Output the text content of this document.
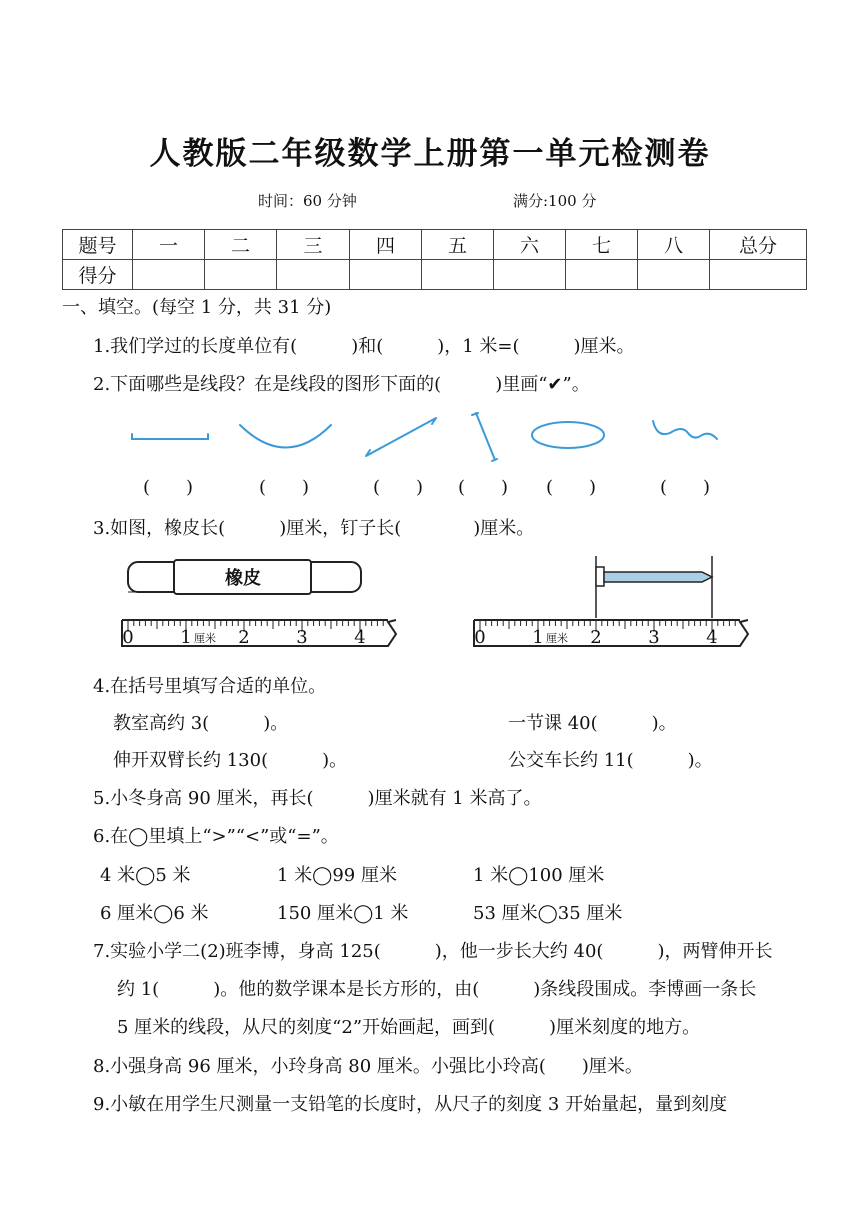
人教版二年级数学上册第一单元检测卷
时间：60 分钟	满分:100 分
题号	一	二	三	四	五	六	七	八	总分
得分									
一、填空。(每空 1 分，共 31 分)
1.我们学过的长度单位有(　　　)和(　　　)，1 米=(　　　)厘米。
2.下面哪些是线段？在是线段的图形下面的(　　　)里画“✔”。
(　　)	(　　)	(　　) (　　) (　　)	(　　)
3.如图，橡皮长(　　　)厘米，钉子长(　　　　)厘米。
橡皮
0	1 厘米 2	3	4	0	1 厘米 2	3	4
4.在括号里填写合适的单位。
教室高约 3(　　　)。	一节课 40(　　　)。
伸开双臂长约 130(　　　)。	公交车长约 11(　　　)。
5.小冬身高 90 厘米，再长(　　　)厘米就有 1 米高了。
6.在◯里填上“>”“<”或“=”。
4 米◯5 米	1 米◯99 厘米	1 米◯100 厘米
6 厘米◯6 米	150 厘米◯1 米	53 厘米◯35 厘米
7.实验小学二(2)班李博，身高 125(　　　)，他一步长大约 40(　　　)，两臂伸开长
约 1(　　　)。他的数学课本是长方形的，由(　　　)条线段围成。李博画一条长
5 厘米的线段，从尺的刻度“2”开始画起，画到(　　　)厘米刻度的地方。
8.小强身高 96 厘米，小玲身高 80 厘米。小强比小玲高(　　)厘米。
9.小敏在用学生尺测量一支铅笔的长度时，从尺子的刻度 3 开始量起，量到刻度
